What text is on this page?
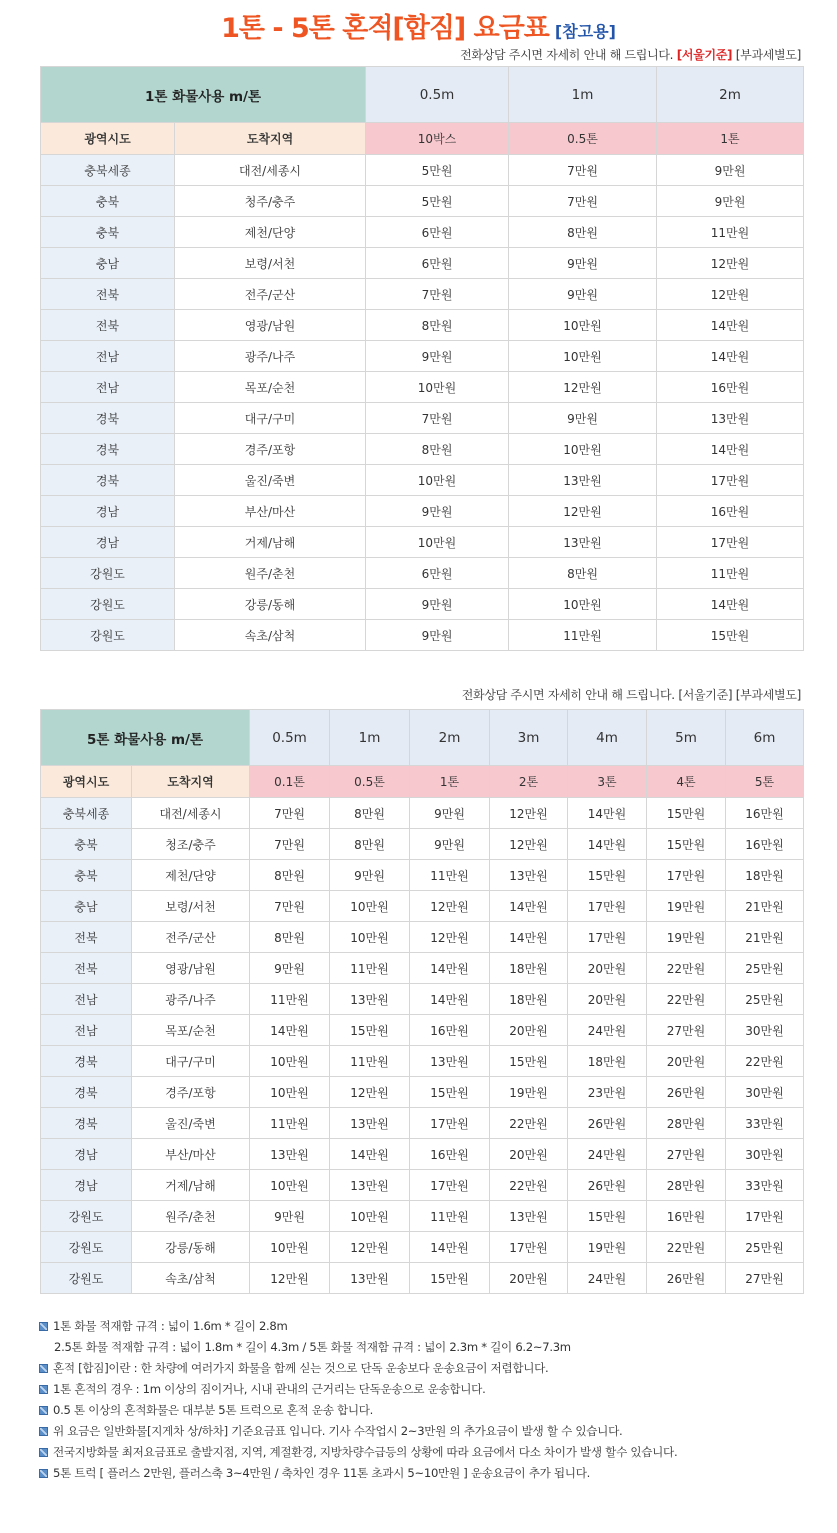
1톤 - 5톤 혼적[합짐] 요금표 [참고용]
전화상담 주시면 자세히 안내 해 드립니다. [서울기준] [부과세별도]
1톤 화물사용 m/톤		0.5m	1m	2m
광역시도	도착지역	10박스	0.5톤	1톤
충북세종	대전/세종시	5만원	7만원	9만원
충북	청주/충주	5만원	7만원	9만원
충북	제천/단양	6만원	8만원	11만원
충남	보령/서천	6만원	9만원	12만원
전북	전주/군산	7만원	9만원	12만원
전북	영광/남원	8만원	10만원	14만원
전남	광주/나주	9만원	10만원	14만원
전남	목포/순천	10만원	12만원	16만원
경북	대구/구미	7만원	9만원	13만원
경북	경주/포항	8만원	10만원	14만원
경북	울진/죽변	10만원	13만원	17만원
경남	부산/마산	9만원	12만원	16만원
경남	거제/남해	10만원	13만원	17만원
강원도	원주/춘천	6만원	8만원	11만원
강원도	강릉/동해	9만원	10만원	14만원
강원도	속초/삼척	9만원	11만원	15만원
전화상담 주시면 자세히 안내 해 드립니다. [서울기준] [부과세별도]
5톤 화물사용 m/톤		0.5m	1m	2m	3m	4m	5m	6m
광역시도	도착지역	0.1톤	0.5톤	1톤	2톤	3톤	4톤	5톤
충북세종	대전/세종시	7만원	8만원	9만원	12만원	14만원	15만원	16만원
충북	청조/충주	7만원	8만원	9만원	12만원	14만원	15만원	16만원
충북	제천/단양	8만원	9만원	11만원	13만원	15만원	17만원	18만원
충남	보령/서천	7만원	10만원	12만원	14만원	17만원	19만원	21만원
전북	전주/군산	8만원	10만원	12만원	14만원	17만원	19만원	21만원
전북	영광/남원	9만원	11만원	14만원	18만원	20만원	22만원	25만원
전남	광주/나주	11만원	13만원	14만원	18만원	20만원	22만원	25만원
전남	목포/순천	14만원	15만원	16만원	20만원	24만원	27만원	30만원
경북	대구/구미	10만원	11만원	13만원	15만원	18만원	20만원	22만원
경북	경주/포항	10만원	12만원	15만원	19만원	23만원	26만원	30만원
경북	울진/죽변	11만원	13만원	17만원	22만원	26만원	28만원	33만원
경남	부산/마산	13만원	14만원	16만원	20만원	24만원	27만원	30만원
경남	거제/남해	10만원	13만원	17만원	22만원	26만원	28만원	33만원
강원도	원주/춘천	9만원	10만원	11만원	13만원	15만원	16만원	17만원
강원도	강릉/동해	10만원	12만원	14만원	17만원	19만원	22만원	25만원
강원도	속초/삼척	12만원	13만원	15만원	20만원	24만원	26만원	27만원
1톤 화물 적재함 규격 : 넓이 1.6m * 길이 2.8m
2.5톤 화물 적재함 규격 : 넓이 1.8m * 길이 4.3m / 5톤 화물 적재함 규격 : 넓이 2.3m * 길이 6.2~7.3m
혼적 [합짐]이란 : 한 차량에 여러가지 화물을 함께 싣는 것으로 단독 운송보다 운송요금이 저렴합니다.
1톤 혼적의 경우 : 1m 이상의 짐이거나, 시내 관내의 근거리는 단독운송으로 운송합니다.
0.5 톤 이상의 혼적화물은 대부분 5톤 트럭으로 혼적 운송 합니다.
위 요금은 일반화물[지게차 상/하차] 기준요금표 입니다. 기사 수작업시 2~3만원 의 추가요금이 발생 할 수 있습니다.
전국지방화물 최저요금표로 출발지점, 지역, 계절환경, 지방차량수급등의 상황에 따라 요금에서 다소 차이가 발생 할수 있습니다.
5톤 트럭 [ 플러스 2만원, 플러스축 3~4만원 / 축차인 경우 11톤 초과시 5~10만원 ] 운송요금이 추가 됩니다.
